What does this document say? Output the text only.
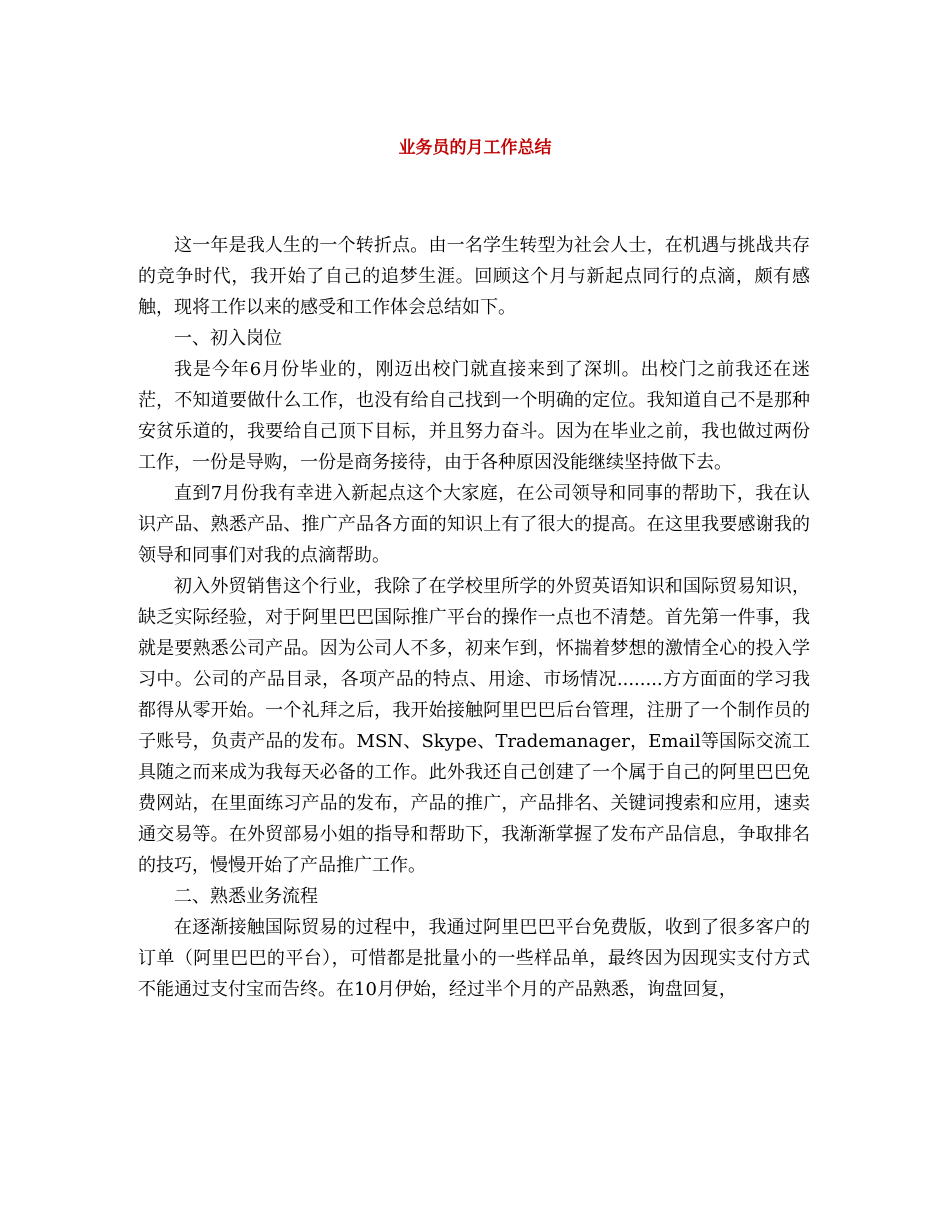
业务员的月工作总结

这一年是我人生的一个转折点。由一名学生转型为社会人士，在机遇与挑战共存的竞争时代，我开始了自己的追梦生涯。回顾这个月与新起点同行的点滴，颇有感触，现将工作以来的感受和工作体会总结如下。

一、初入岗位

我是今年6月份毕业的，刚迈出校门就直接来到了深圳。出校门之前我还在迷茫，不知道要做什么工作，也没有给自己找到一个明确的定位。我知道自己不是那种安贫乐道的，我要给自己顶下目标，并且努力奋斗。因为在毕业之前，我也做过两份工作，一份是导购，一份是商务接待，由于各种原因没能继续坚持做下去。

直到7月份我有幸进入新起点这个大家庭，在公司领导和同事的帮助下，我在认识产品、熟悉产品、推广产品各方面的知识上有了很大的提高。在这里我要感谢我的领导和同事们对我的点滴帮助。

初入外贸销售这个行业，我除了在学校里所学的外贸英语知识和国际贸易知识，缺乏实际经验，对于阿里巴巴国际推广平台的操作一点也不清楚。首先第一件事，我就是要熟悉公司产品。因为公司人不多，初来乍到，怀揣着梦想的激情全心的投入学习中。公司的产品目录，各项产品的特点、用途、市场情况........方方面面的学习我都得从零开始。一个礼拜之后，我开始接触阿里巴巴后台管理，注册了一个制作员的子账号，负责产品的发布。MSN、Skype、Trademanager，Email等国际交流工具随之而来成为我每天必备的工作。此外我还自己创建了一个属于自己的阿里巴巴免费网站，在里面练习产品的发布，产品的推广，产品排名、关键词搜索和应用，速卖通交易等。在外贸部易小姐的指导和帮助下，我渐渐掌握了发布产品信息，争取排名的技巧，慢慢开始了产品推广工作。

二、熟悉业务流程

在逐渐接触国际贸易的过程中，我通过阿里巴巴平台免费版，收到了很多客户的订单（阿里巴巴的平台），可惜都是批量小的一些样品单，最终因为因现实支付方式不能通过支付宝而告终。在10月伊始，经过半个月的产品熟悉，询盘回复，
